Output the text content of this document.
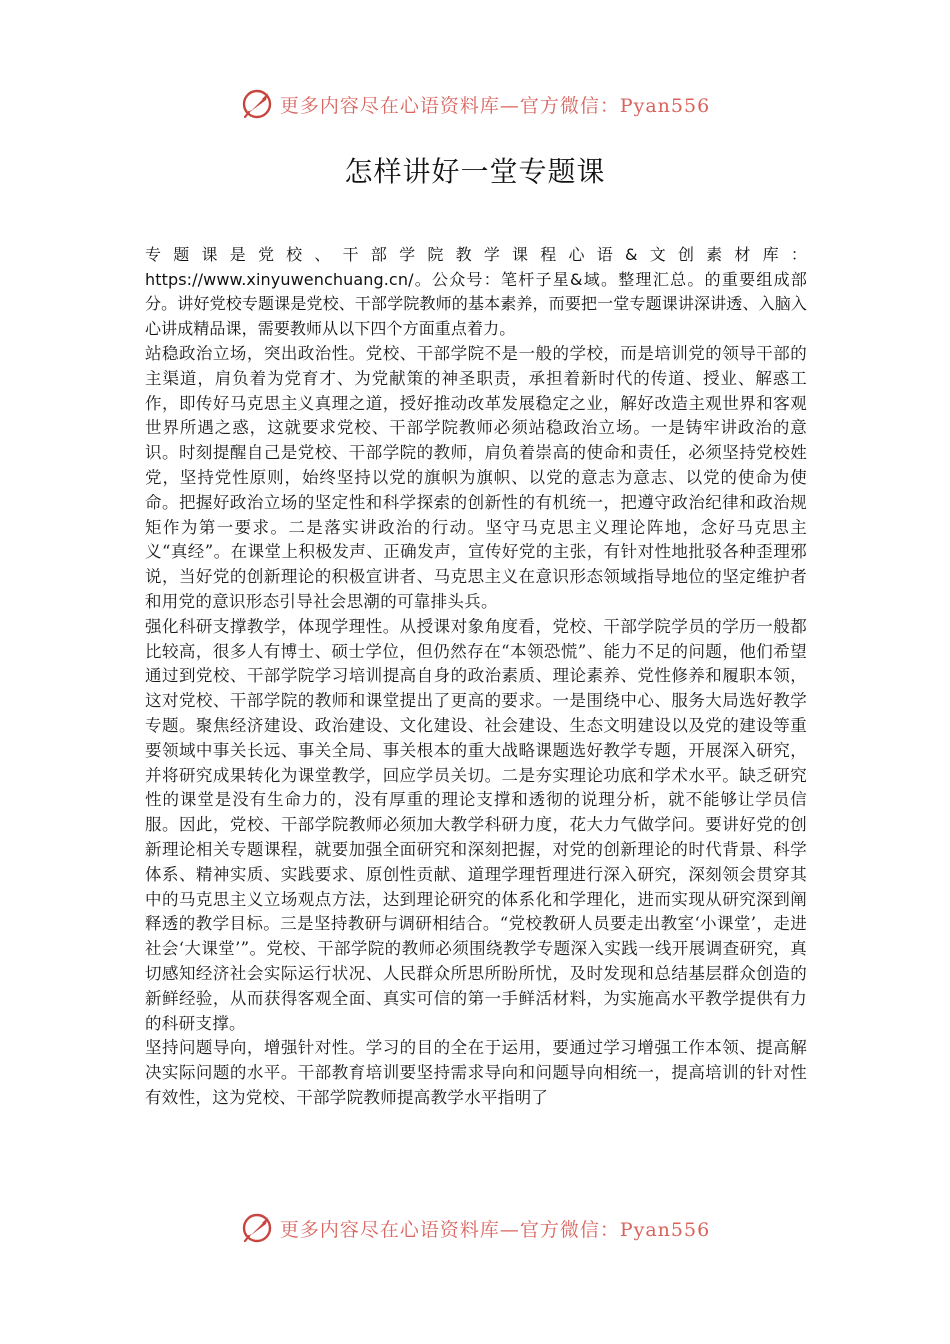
更多内容尽在心语资料库—官方微信：Pyan556
怎样讲好一堂专题课

专题课是党校、干部学院教学课程心语&文创素材库：https://www.xinyuwenchuang.cn/。公众号：笔杆子星&域。整理汇总。的重要组成部分。讲好党校专题课是党校、干部学院教师的基本素养，而要把一堂专题课讲深讲透、入脑入心讲成精品课，需要教师从以下四个方面重点着力。

站稳政治立场，突出政治性。党校、干部学院不是一般的学校，而是培训党的领导干部的主渠道，肩负着为党育才、为党献策的神圣职责，承担着新时代的传道、授业、解惑工作，即传好马克思主义真理之道，授好推动改革发展稳定之业，解好改造主观世界和客观世界所遇之惑，这就要求党校、干部学院教师必须站稳政治立场。一是铸牢讲政治的意识。时刻提醒自己是党校、干部学院的教师，肩负着崇高的使命和责任，必须坚持党校姓党，坚持党性原则，始终坚持以党的旗帜为旗帜、以党的意志为意志、以党的使命为使命。把握好政治立场的坚定性和科学探索的创新性的有机统一，把遵守政治纪律和政治规矩作为第一要求。二是落实讲政治的行动。坚守马克思主义理论阵地，念好马克思主义“真经”。在课堂上积极发声、正确发声，宣传好党的主张，有针对性地批驳各种歪理邪说，当好党的创新理论的积极宣讲者、马克思主义在意识形态领域指导地位的坚定维护者和用党的意识形态引导社会思潮的可靠排头兵。

强化科研支撑教学，体现学理性。从授课对象角度看，党校、干部学院学员的学历一般都比较高，很多人有博士、硕士学位，但仍然存在“本领恐慌”、能力不足的问题，他们希望通过到党校、干部学院学习培训提高自身的政治素质、理论素养、党性修养和履职本领，这对党校、干部学院的教师和课堂提出了更高的要求。一是围绕中心、服务大局选好教学专题。聚焦经济建设、政治建设、文化建设、社会建设、生态文明建设以及党的建设等重要领域中事关长远、事关全局、事关根本的重大战略课题选好教学专题，开展深入研究，并将研究成果转化为课堂教学，回应学员关切。二是夯实理论功底和学术水平。缺乏研究性的课堂是没有生命力的，没有厚重的理论支撑和透彻的说理分析，就不能够让学员信服。因此，党校、干部学院教师必须加大教学科研力度，花大力气做学问。要讲好党的创新理论相关专题课程，就要加强全面研究和深刻把握，对党的创新理论的时代背景、科学体系、精神实质、实践要求、原创性贡献、道理学理哲理进行深入研究，深刻领会贯穿其中的马克思主义立场观点方法，达到理论研究的体系化和学理化，进而实现从研究深到阐释透的教学目标。三是坚持教研与调研相结合。“党校教研人员要走出教室‘小课堂’，走进社会‘大课堂’”。党校、干部学院的教师必须围绕教学专题深入实践一线开展调查研究，真切感知经济社会实际运行状况、人民群众所思所盼所忧，及时发现和总结基层群众创造的新鲜经验，从而获得客观全面、真实可信的第一手鲜活材料，为实施高水平教学提供有力的科研支撑。

坚持问题导向，增强针对性。学习的目的全在于运用，要通过学习增强工作本领、提高解决实际问题的水平。干部教育培训要坚持需求导向和问题导向相统一，提高培训的针对性有效性，这为党校、干部学院教师提高教学水平指明了

更多内容尽在心语资料库—官方微信：Pyan556
